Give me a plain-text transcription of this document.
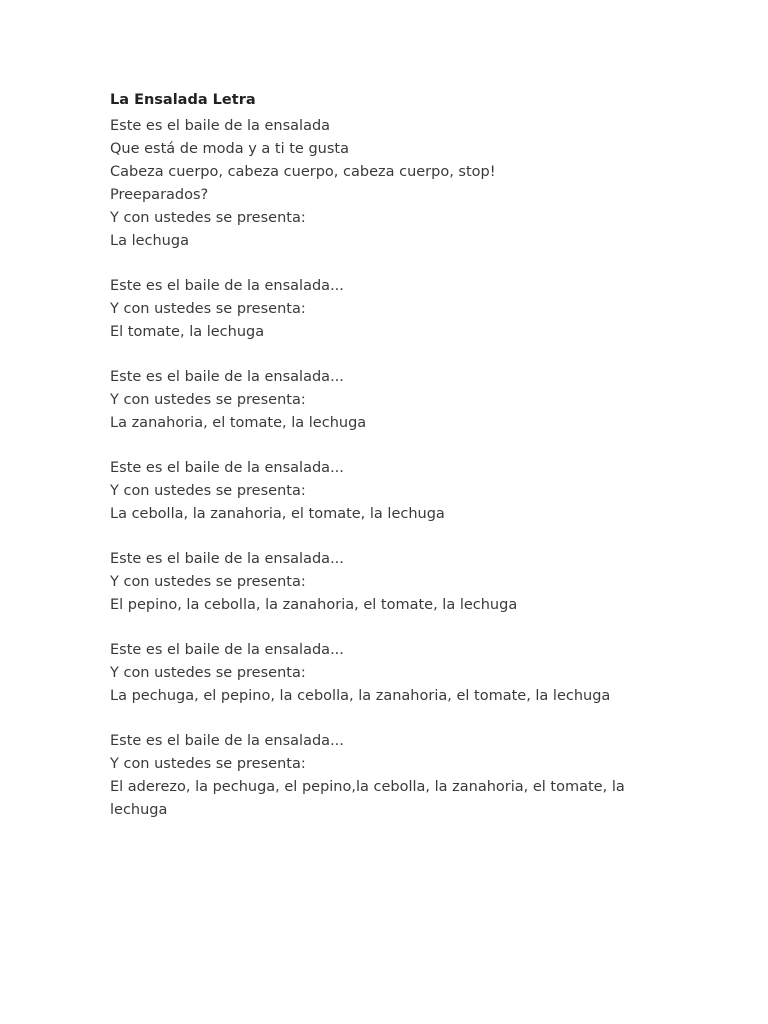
La Ensalada Letra
Este es el baile de la ensalada
Que está de moda y a ti te gusta
Cabeza cuerpo, cabeza cuerpo, cabeza cuerpo, stop!
Preeparados?
Y con ustedes se presenta:
La lechuga
Este es el baile de la ensalada...
Y con ustedes se presenta:
El tomate, la lechuga
Este es el baile de la ensalada...
Y con ustedes se presenta:
La zanahoria, el tomate, la lechuga
Este es el baile de la ensalada...
Y con ustedes se presenta:
La cebolla, la zanahoria, el tomate, la lechuga
Este es el baile de la ensalada...
Y con ustedes se presenta:
El pepino, la cebolla, la zanahoria, el tomate, la lechuga
Este es el baile de la ensalada...
Y con ustedes se presenta:
La pechuga, el pepino, la cebolla, la zanahoria, el tomate, la lechuga
Este es el baile de la ensalada...
Y con ustedes se presenta:
El aderezo, la pechuga, el pepino,la cebolla, la zanahoria, el tomate, la lechuga
